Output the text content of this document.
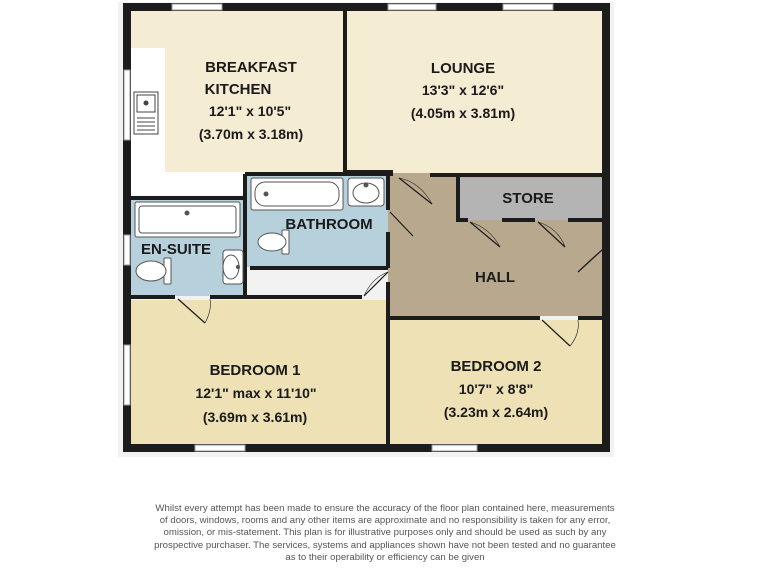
BREAKFAST
KITCHEN
12'1" x 10'5"
(3.70m x 3.18m)
LOUNGE
13'3" x 12'6"
(4.05m x 3.81m)
STORE
BATHROOM
EN-SUITE
HALL
BEDROOM 1
12'1" max x 11'10"
(3.69m x 3.61m)
BEDROOM 2
10'7" x 8'8"
(3.23m x 2.64m)
Whilst every attempt has been made to ensure the accuracy of the floor plan contained here, measurements
of doors, windows, rooms and any other items are approximate and no responsibility is taken for any error,
omission, or mis-statement. This plan is for illustrative purposes only and should be used as such by any
prospective purchaser. The services, systems and appliances shown have not been tested and no guarantee
as to their operability or efficiency can be given
